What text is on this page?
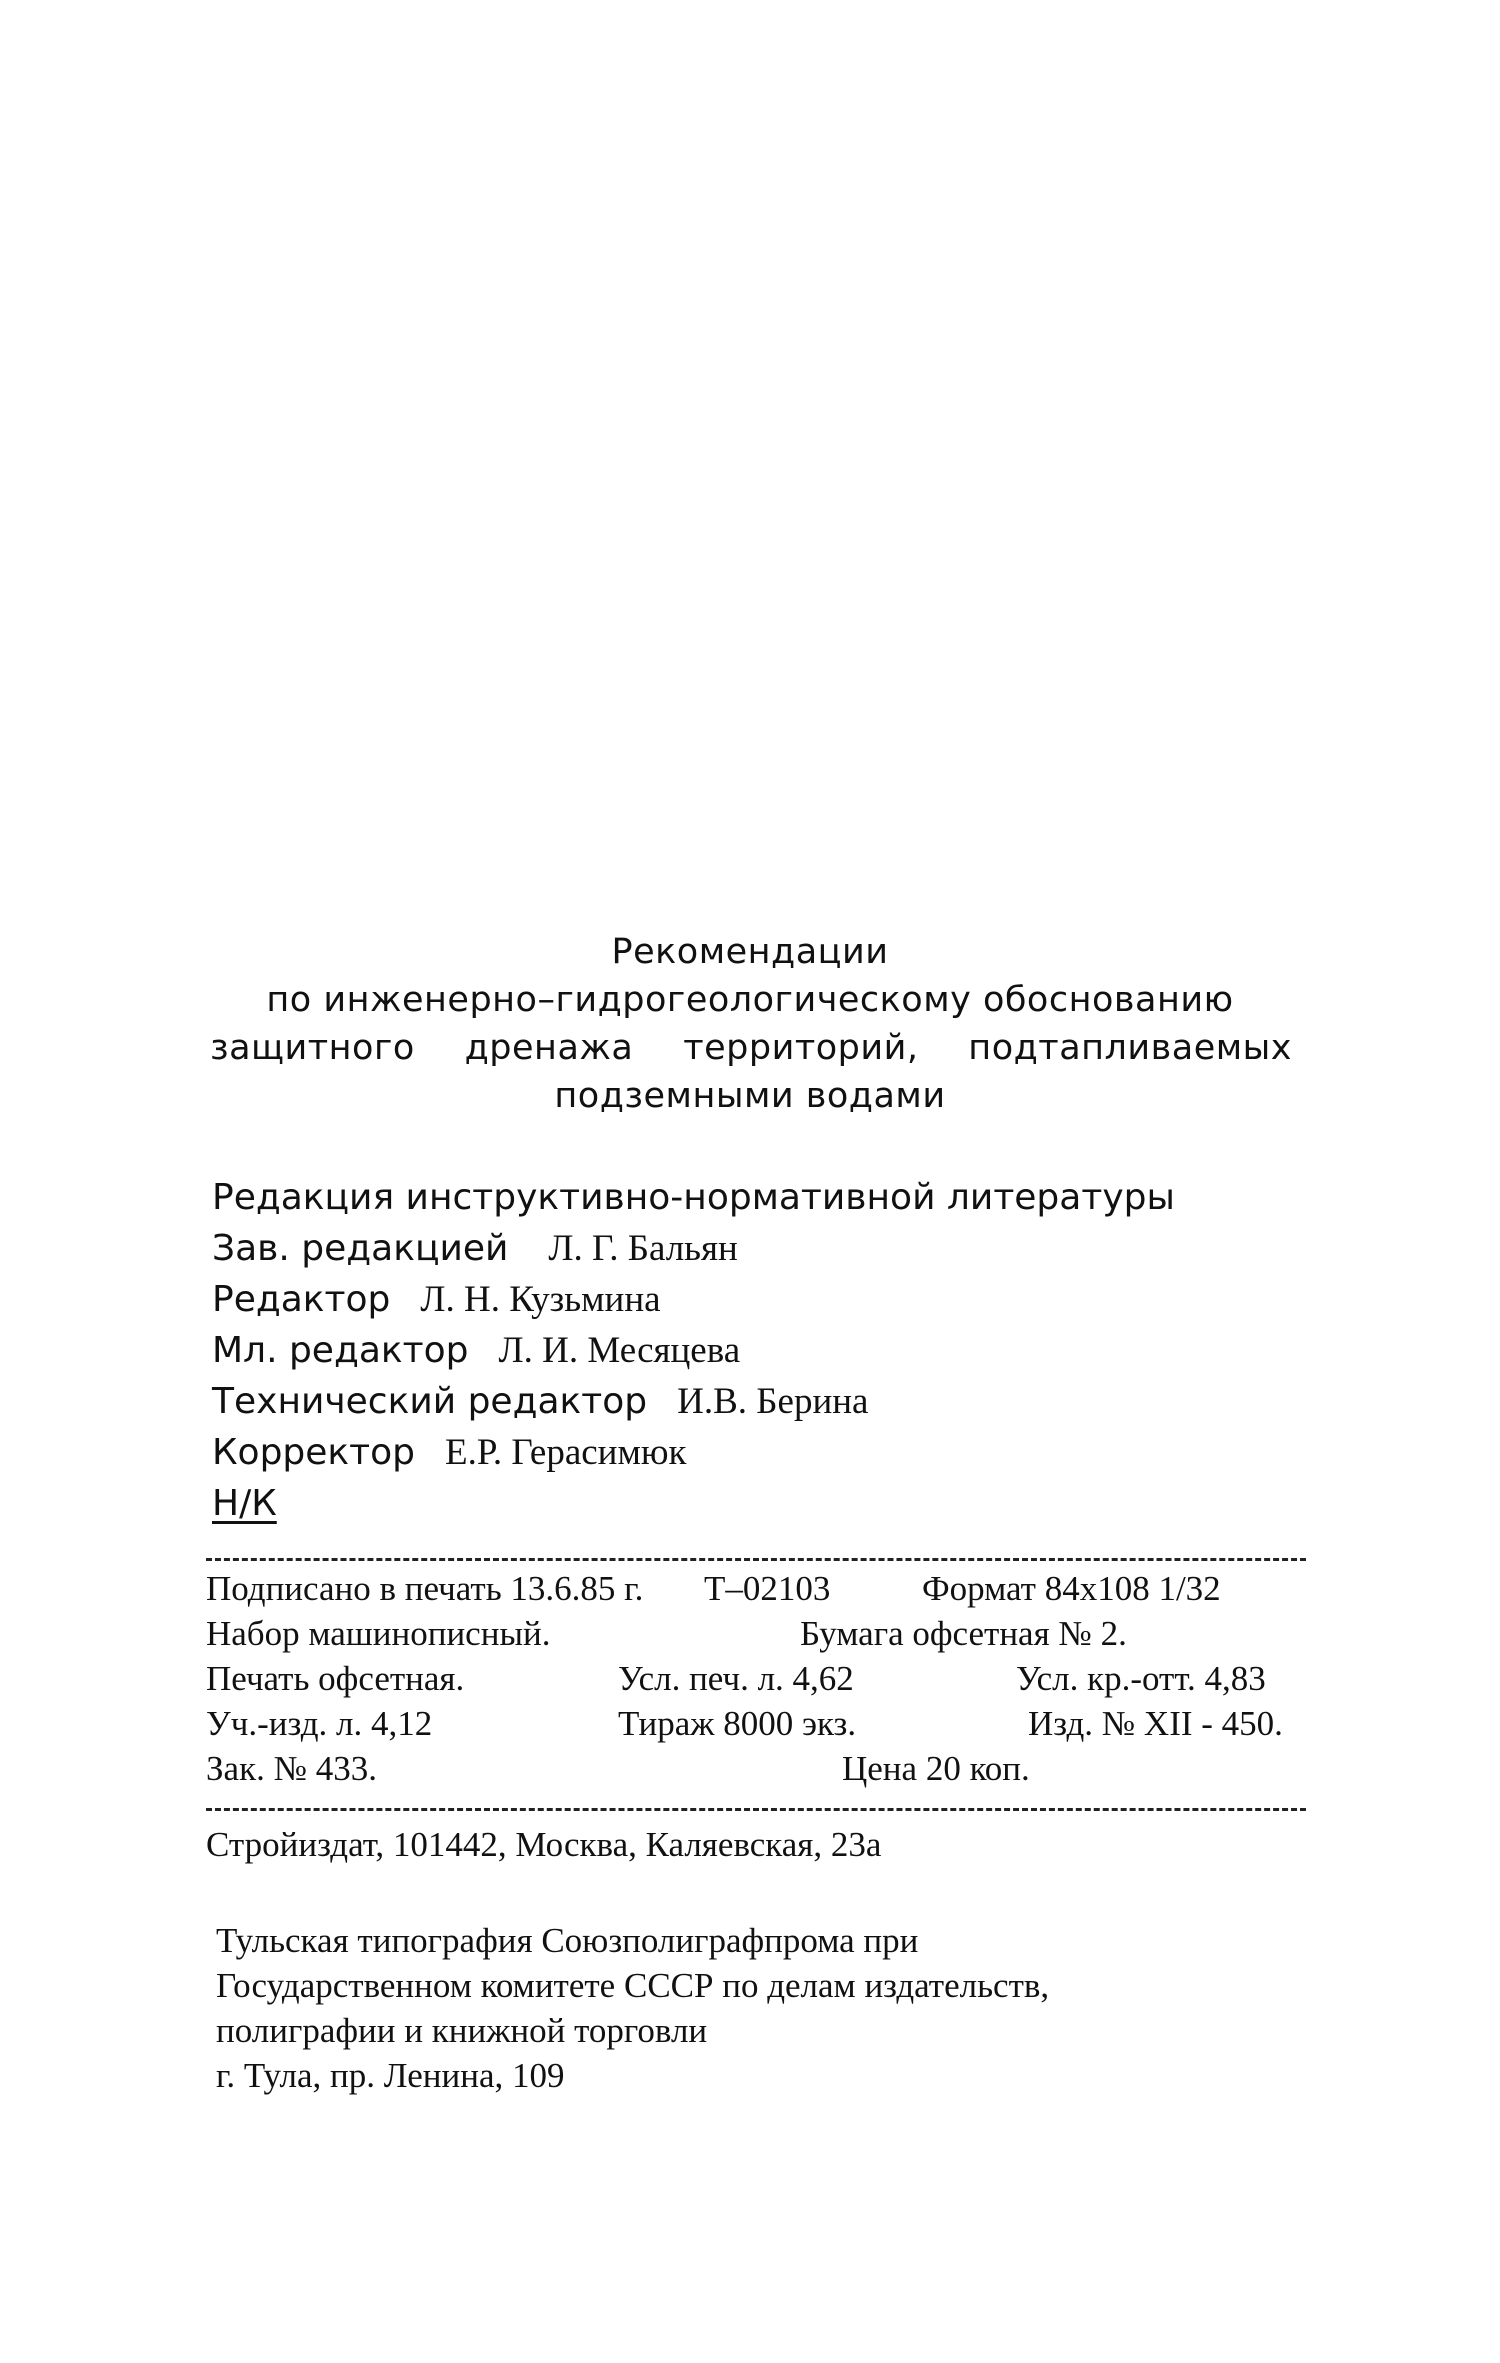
Рекомендации
по инженерно–гидрогеологическому обоснованию
защитного дренажа территорий, подтапливаемых
подземными водами
Редакция инструктивно-нормативной литературы
Зав. редакцией Л. Г. Бальян
Редактор Л. Н. Кузьмина
Мл. редактор Л. И. Месяцева
Технический редактор И.В. Берина
Корректор Е.Р. Герасимюк
Н/К
Подписано в печать 13.6.85 г. Т–02103	Формат 84х108 1/32
Набор машинописный.	Бумага офсетная № 2.
Печать офсетная.	Усл. печ. л. 4,62	Усл. кр.-отт. 4,83
Уч.-изд. л. 4,12	Тираж 8000 экз.	Изд. № XII - 450.
Зак. № 433.	Цена 20 коп.
Стройиздат, 101442, Москва, Каляевская, 23а
Тульская типография Союзполиграфпрома при
Государственном комитете СССР по делам издательств,
полиграфии и книжной торговли
г. Тула, пр. Ленина, 109
